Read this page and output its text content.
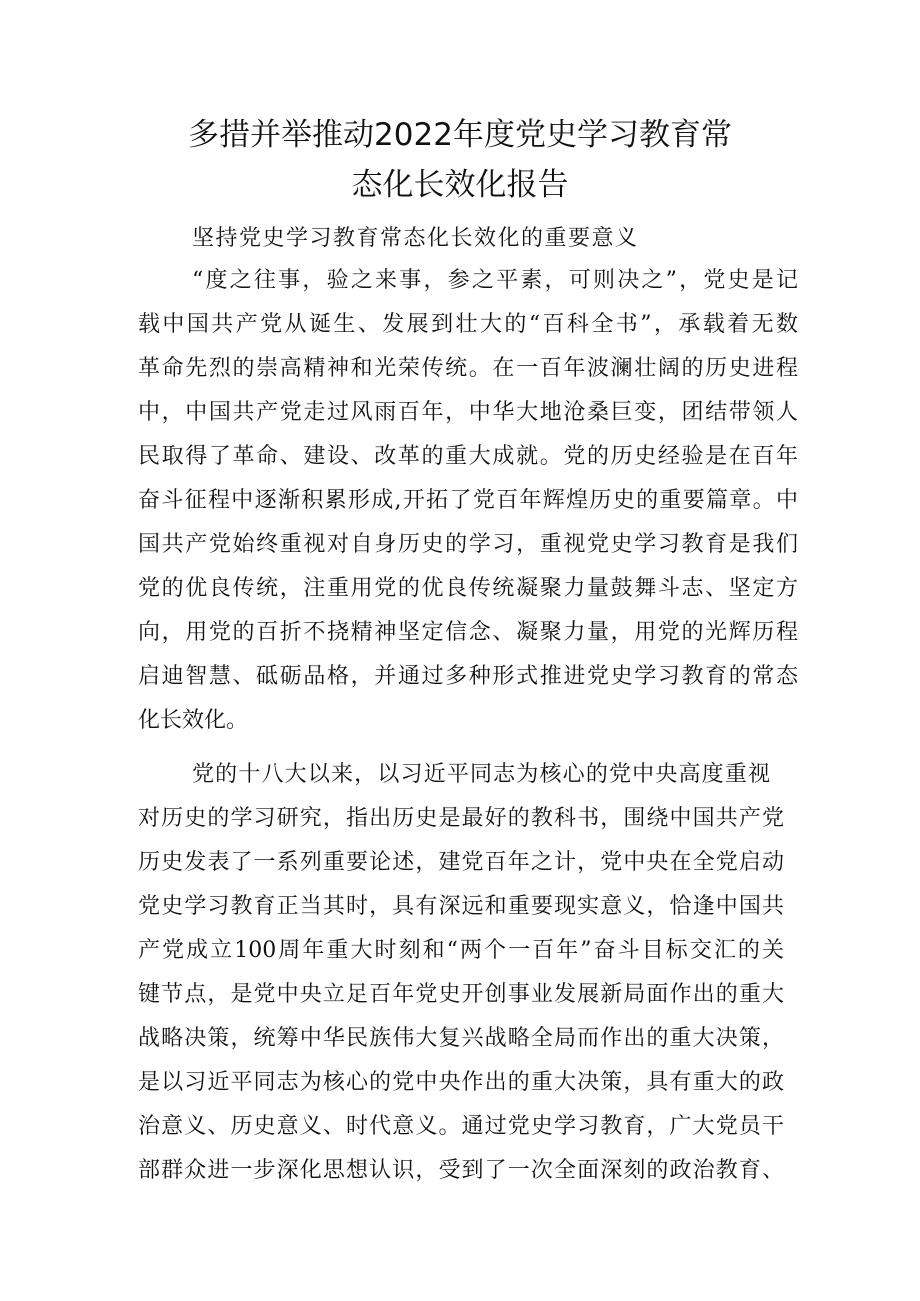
多措并举推动2022年度党史学习教育常
态化长效化报告
坚持党史学习教育常态化长效化的重要意义
“度之往事，验之来事，参之平素，可则决之”，党史是记
载中国共产党从诞生、发展到壮大的“百科全书”，承载着无数
革命先烈的崇高精神和光荣传统。在一百年波澜壮阔的历史进程
中，中国共产党走过风雨百年，中华大地沧桑巨变，团结带领人
民取得了革命、建设、改革的重大成就。党的历史经验是在百年
奋斗征程中逐渐积累形成,开拓了党百年辉煌历史的重要篇章。中
国共产党始终重视对自身历史的学习，重视党史学习教育是我们
党的优良传统，注重用党的优良传统凝聚力量鼓舞斗志、坚定方
向，用党的百折不挠精神坚定信念、凝聚力量，用党的光辉历程
启迪智慧、砥砺品格，并通过多种形式推进党史学习教育的常态
化长效化。
党的十八大以来，以习近平同志为核心的党中央高度重视
对历史的学习研究，指出历史是最好的教科书，围绕中国共产党
历史发表了一系列重要论述，建党百年之计，党中央在全党启动
党史学习教育正当其时，具有深远和重要现实意义，恰逢中国共
产党成立100周年重大时刻和“两个一百年”奋斗目标交汇的关
键节点，是党中央立足百年党史开创事业发展新局面作出的重大
战略决策，统筹中华民族伟大复兴战略全局而作出的重大决策，
是以习近平同志为核心的党中央作出的重大决策，具有重大的政
治意义、历史意义、时代意义。通过党史学习教育，广大党员干
部群众进一步深化思想认识，受到了一次全面深刻的政治教育、
